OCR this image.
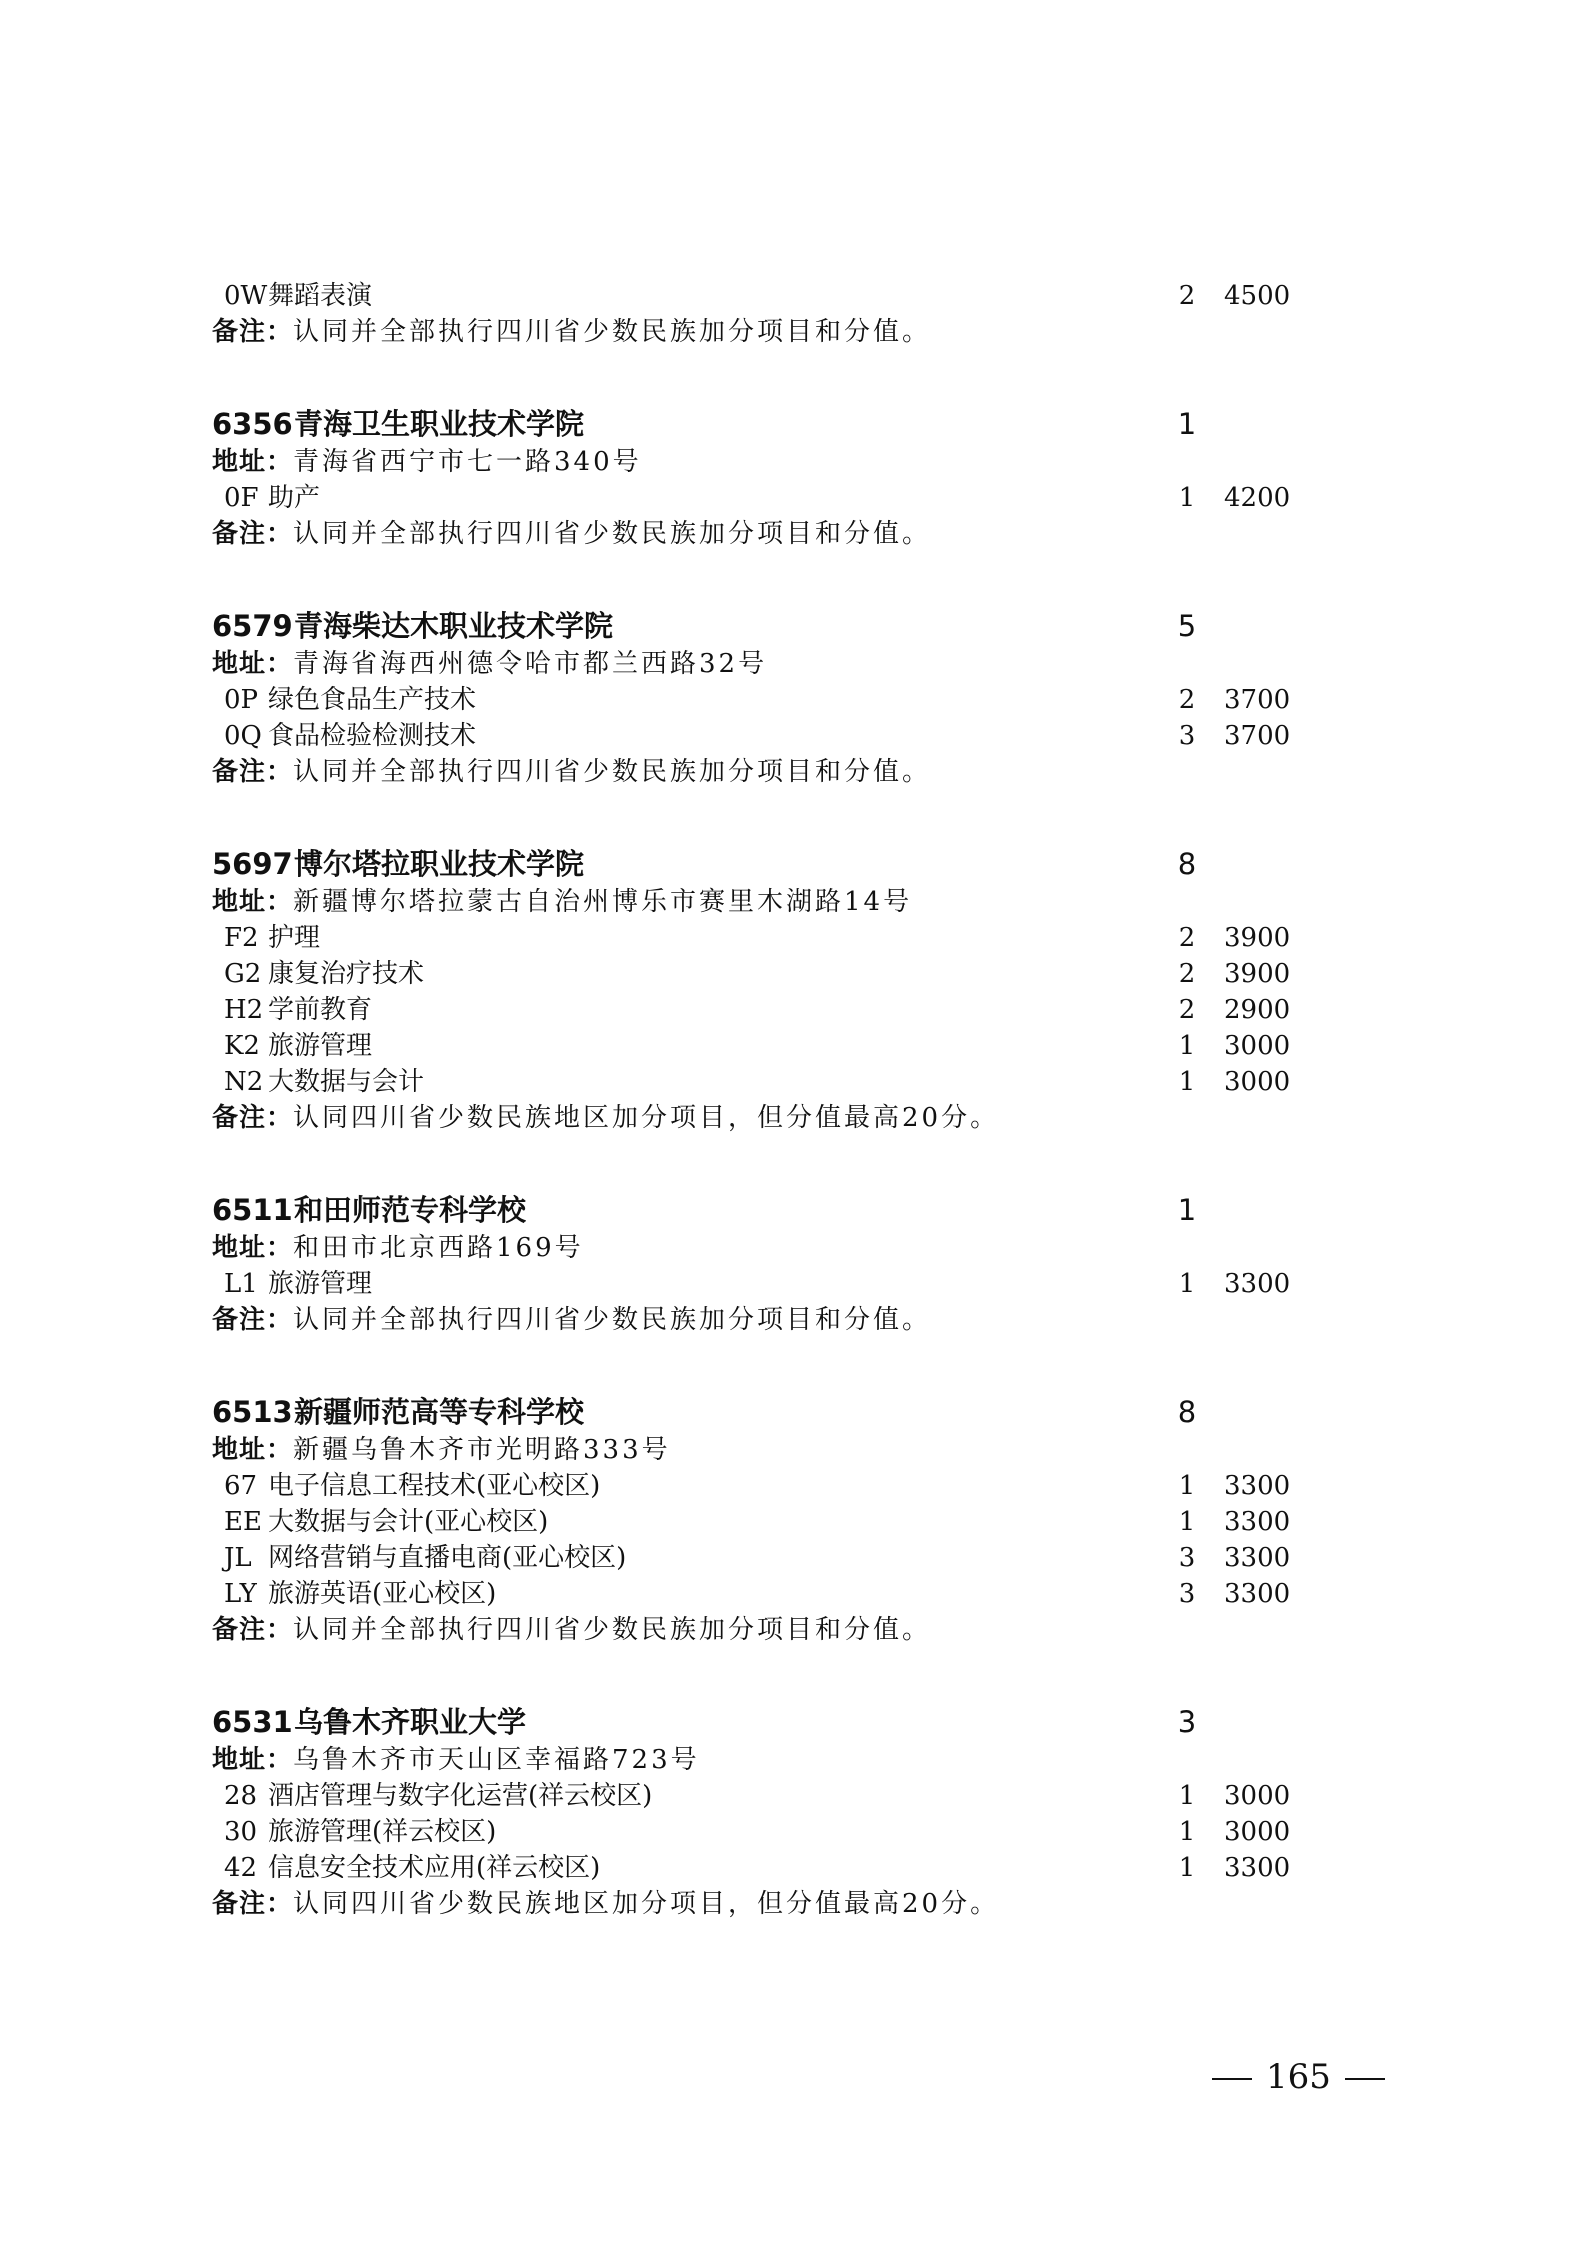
0W 舞蹈表演	2 4500
备注：认同并全部执行四川省少数民族加分项目和分值。
6356 青海卫生职业技术学院	1
地址：青海省西宁市七一路340号
0F 助产	1 4200
备注：认同并全部执行四川省少数民族加分项目和分值。
6579 青海柴达木职业技术学院	5
地址：青海省海西州德令哈市都兰西路32号
0P 绿色食品生产技术	2 3700
0Q 食品检验检测技术	3 3700
备注：认同并全部执行四川省少数民族加分项目和分值。
5697 博尔塔拉职业技术学院	8
地址：新疆博尔塔拉蒙古自治州博乐市赛里木湖路14号
F2 护理	2 3900
G2 康复治疗技术	2 3900
H2 学前教育	2 2900
K2 旅游管理	1 3000
N2 大数据与会计	1 3000
备注：认同四川省少数民族地区加分项目，但分值最高20分。
6511 和田师范专科学校	1
地址：和田市北京西路169号
L1 旅游管理	1 3300
备注：认同并全部执行四川省少数民族加分项目和分值。
6513 新疆师范高等专科学校	8
地址：新疆乌鲁木齐市光明路333号
67 电子信息工程技术(亚心校区)	1 3300
EE 大数据与会计(亚心校区)	1 3300
JL 网络营销与直播电商(亚心校区)	3 3300
LY 旅游英语(亚心校区)	3 3300
备注：认同并全部执行四川省少数民族加分项目和分值。
6531 乌鲁木齐职业大学	3
地址：乌鲁木齐市天山区幸福路723号
28 酒店管理与数字化运营(祥云校区)	1 3000
30 旅游管理(祥云校区)	1 3000
42 信息安全技术应用(祥云校区)	1 3300
备注：认同四川省少数民族地区加分项目，但分值最高20分。
165
